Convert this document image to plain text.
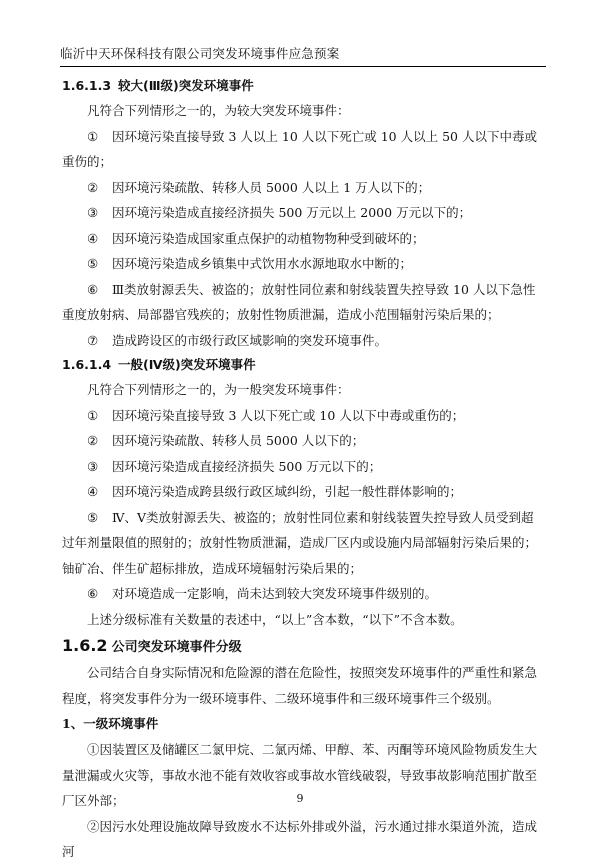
临沂中天环保科技有限公司突发环境事件应急预案
1.6.1.3 较大(Ⅲ级)突发环境事件
凡符合下列情形之一的，为较大突发环境事件：
① 因环境污染直接导致 3 人以上 10 人以下死亡或 10 人以上 50 人以下中毒或重伤的；
② 因环境污染疏散、转移人员 5000 人以上 1 万人以下的；
③ 因环境污染造成直接经济损失 500 万元以上 2000 万元以下的；
④ 因环境污染造成国家重点保护的动植物物种受到破坏的；
⑤ 因环境污染造成乡镇集中式饮用水水源地取水中断的；
⑥ Ⅲ类放射源丢失、被盗的；放射性同位素和射线装置失控导致 10 人以下急性重度放射病、局部器官残疾的；放射性物质泄漏，造成小范围辐射污染后果的；
⑦ 造成跨设区的市级行政区域影响的突发环境事件。
1.6.1.4 一般(Ⅳ级)突发环境事件
凡符合下列情形之一的，为一般突发环境事件：
① 因环境污染直接导致 3 人以下死亡或 10 人以下中毒或重伤的；
② 因环境污染疏散、转移人员 5000 人以下的；
③ 因环境污染造成直接经济损失 500 万元以下的；
④ 因环境污染造成跨县级行政区域纠纷，引起一般性群体影响的；
⑤ Ⅳ、Ⅴ类放射源丢失、被盗的；放射性同位素和射线装置失控导致人员受到超过年剂量限值的照射的；放射性物质泄漏，造成厂区内或设施内局部辐射污染后果的；铀矿冶、伴生矿超标排放，造成环境辐射污染后果的；
⑥ 对环境造成一定影响，尚未达到较大突发环境事件级别的。
上述分级标准有关数量的表述中，“以上”含本数，“以下”不含本数。
1.6.2 公司突发环境事件分级
公司结合自身实际情况和危险源的潜在危险性，按照突发环境事件的严重性和紧急程度，将突发事件分为一级环境事件、二级环境事件和三级环境事件三个级别。
1、一级环境事件
①因装置区及储罐区二氯甲烷、二氯丙烯、甲醇、苯、丙酮等环境风险物质发生大量泄漏或火灾等，事故水池不能有效收容或事故水管线破裂，导致事故影响范围扩散至厂区外部；
②因污水处理设施故障导致废水不达标外排或外溢，污水通过排水渠道外流，造成河
9
